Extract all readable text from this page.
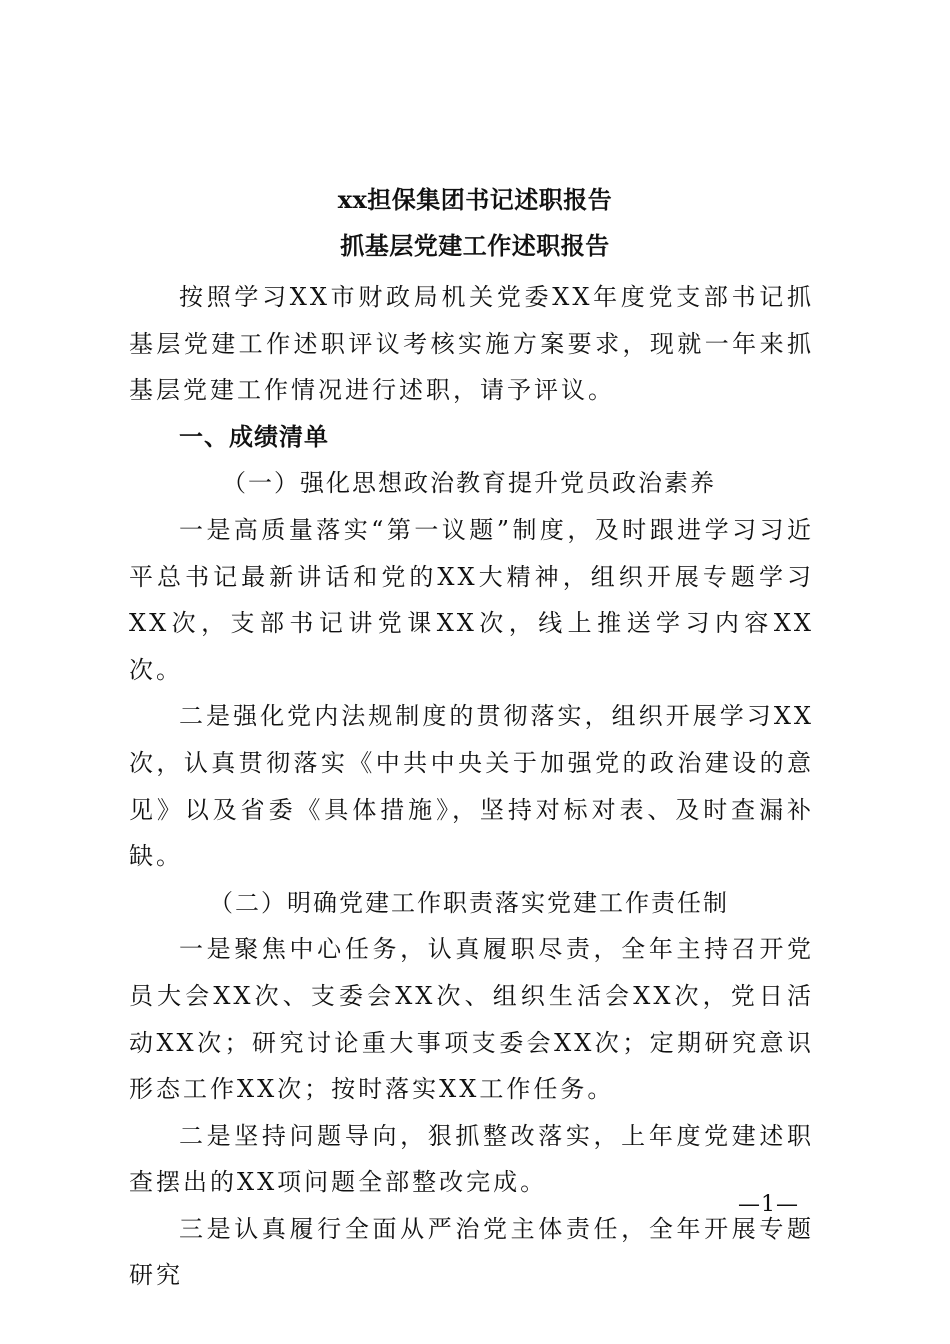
xx担保集团书记述职报告
抓基层党建工作述职报告

按照学习XX市财政局机关党委XX年度党支部书记抓基层党建工作述职评议考核实施方案要求，现就一年来抓基层党建工作情况进行述职，请予评议。

一、成绩清单

（一）强化思想政治教育提升党员政治素养

一是高质量落实“第一议题”制度，及时跟进学习习近平总书记最新讲话和党的XX大精神，组织开展专题学习XX次，支部书记讲党课XX次，线上推送学习内容XX次。

二是强化党内法规制度的贯彻落实，组织开展学习XX次，认真贯彻落实《中共中央关于加强党的政治建设的意见》以及省委《具体措施》，坚持对标对表、及时查漏补缺。

（二）明确党建工作职责落实党建工作责任制

一是聚焦中心任务，认真履职尽责，全年主持召开党员大会XX次、支委会XX次、组织生活会XX次，党日活动XX次；研究讨论重大事项支委会XX次；定期研究意识形态工作XX次；按时落实XX工作任务。

二是坚持问题导向，狠抓整改落实，上年度党建述职查摆出的XX项问题全部整改完成。

三是认真履行全面从严治党主体责任，全年开展专题研究

—1—
